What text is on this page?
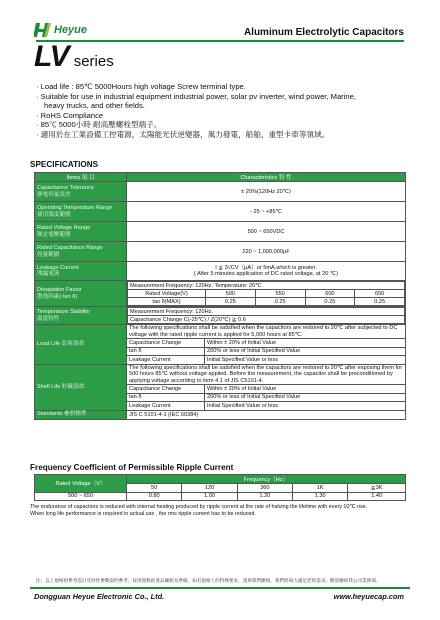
Heyue	Aluminum Electrolytic Capacitors
LV series
· Load life : 85℃ 5000Hours high voltage Screw terminal type.
· Suitable for use in industrial equipment industrial power, solar pv inverter, wind power, Marine, heavy trucks, and other fields.
· RoHS Compliance
· 85℃ 5000小時 耐高壓螺栓型端子。
· 適用於在工業設備工控電源，太陽能光伏逆變器，風力發電，船舶，重型卡車等領域。
SPECIFICATIONS
Items 項 目	Characteristics 特 性

Capacitance Tolerance
靜電容量誤差	± 20%(120Hz 20℃)

Operating Temperature Range
使用溫度範圍	- 25 ~ +85℃

Rated Voltage Range
額定電壓範圍	500 ~ 650VDC

Rated Capacitance Range
容量範圍	220 ~ 1,000,000μF

Leakage Current
洩漏電流

I ≦ 3√CV（μA）or 5mA,which is greater.
( After 5 minutes application of DC rated voltage, at 20 ℃)

Dissipation Factor
散逸因素( tan δ)

Measurement Frequency: 120Hz. Temperature: 20℃
Rated Voltage(V)	500	550	600	650
tan δ(MAX)	0.25	0.25	0.25	0.25

Temperature Stability
溫度特性

Measurement Frequency: 120Hz.
Capacitance Change C(-25℃) / Z(20℃) ≧ 0.6

Load Life 負荷壽命	The following specifications shall be satisfied when the capacitors are restored to 20℃ after subjected to DC voltage with the rated ripple current is applied for 5,000 hours at 85℃.
Capacitance Change	Within ± 20% of Initial Value
tan δ	200% or less of Initial Specified Value
Leakage Current	Initial Specified Value or less
Shelf Life 貯藏壽命	The following specifications shall be satisfied when the capacitors are restored to 20℃ after exposing them for 500 hours 85℃ without voltage applied. Before the measurement, the capacitor shall be preconditioned by applying voltage according to item 4.1 of JIS C5101-4.
Capacitance Change	Within ± 20% of Initial Value
tan δ	200% or less of Initial Specified Value
Leakage Current	Initial Specified Value or less
Standards 參照標準	JIS C 5101-4-1 (IEC 60384)
Frequency Coefficient of Permissible Ripple Current
Rated Voltage（V）	Frequency（Hz）				
	50	120	360	1K	≧3K
500 ~ 650	0.80	1.00	1.20	1.30	1.40
The endurance of capacitors is reduced with internal heating produced by ripple current at the rate of halving the lifetime with every 10℃ rise.
When long life performance is required in actual use , the rms ripple current has to be reduced.
注：以上規格供參考設計及特性參數說明參考，採用規格的產品圖紙為準確。如有規格上的特殊要求，請與我們聯絡，我們將竭力滿足您的需求。歡迎聯絡我公司業務部。
Dongguan Heyue Electronic Co., Ltd.	www.heyuecap.com
